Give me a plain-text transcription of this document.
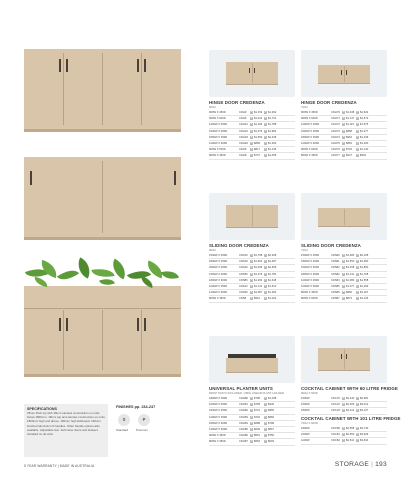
HINGE DOOR CREDENZA
900H
HINGE DOOR CREDENZA
720H
SLIDING DOOR CREDENZA
900H
SLIDING DOOR CREDENZA
720H
UNIVERSAL PLANTER UNITS
DROP TRAYS INCLUDED / 280H LINEAR PLANT HOLDER
COCKTAIL CABINET WITH 60 LITRE FRIDGE
900H X 600D
COCKTAIL CABINET WITH 101 LITRE FRIDGE
720H X 600D
900W X 450D	CDH9	S $1,152	P $1,362
900W X 600D	CDH6	S $1,224	P $1,701
1200W X 450D	CDH12	S $1,184	P $1,788
1500W X 450D	CDH15	S $1,376	P $1,984
1800W X 450D	CDH18	S $1,552	P $2,435
1200W X 600D	CDH26	S $868	P $1,390
900W X 500D	CDH5	S $817	P $1,135
800W X 450D	CDH8	S $747	P $1,055
900W X 450D	CDH70	S $1,048	P $1,603
900W X 600D	CDH71	S $1,147	P $1,572
1200W X 450D	CDH72	S $1,115	P $1,575
1500W X 450D	CDH73	S $868	P $1,277
1800W X 450D	CDH74	S $964	P $1,346
1200W X 600D	CDH75	S $881	P $1,260
900W X 600D	CDH76	S $794	P $1,130
800W X 450D	CDH77	S $647	P $932
1500W X 450D	CDS15	S $1,768	P $2,328
1800W X 450D	CDS18	S $1,902	P $2,487
2000W X 450D	CDS20	S $1,936	P $2,696
1500W X 600D	CDS56	S $1,376	P $1,784
1800W X 600D	CDS86	S $1,284	P $1,648
1200W X 450D	CDS12	S $1,141	P $1,512
1200W X 600D	CDS26	S $1,087	P $1,364
800W X 450D	CDS8	S $961	P $1,022
1500W X 450D	CDS80	S $1,480	P $2,168
1800W X 450D	CDS81	S $1,550	P $1,960
1500W X 600D	CDS82	S $1,168	P $1,860
1800W X 600D	CDS83	S $1,131	P $1,708
1200W X 450D	CDS84	S $1,080	P $1,558
1200W X 600D	CDS85	S $1,077	P $1,369
800W X 450D	CDS86	S $866	P $1,115
800W X 600D	CDS87	S $874	P $1,126
1800W X 450D	CDH80	S $798	P $1,038
1600W X 450D	CDH81	S $758	P $946
1500W X 450D	CDH82	S $731	P $965
1200W X 450D	CDH83	S $702	P $860
1800W X 600D	CDH84	S $688	P $798
1200W X 600D	CDH85	S $649	P $867
900W X 450D	CDH86	S $561	P $750
800W X 450D	CDH87	S $554	P $603
1500W	CDC15	S $2,240	P $2,981
1500W	CDC16	S $2,306	P $3,012
1800W	CDC18	S $2,414	P $3,127
1800W	CDC80	S $2,568	P $3,740
1500W	CDC81	S $2,562	P $3,929
1200W	CDC82	S $2,541	P $3,604
SPECIFICATIONS
25mm thick top with 18mm carcass construction on units below 1800mm. 18mm top and carcass construction on units 1800mm high and above. 160mm high kickboard. 160mm brushed aluminium D handles. Other handle options also available. Adjustable feet. Soft close doors and drawers standard on all units.
FINISHES pp. 234-237
S	P
Standard	Premium
5 YEAR WARRANTY | MADE IN AUSTRALIA	STORAGE | 193
